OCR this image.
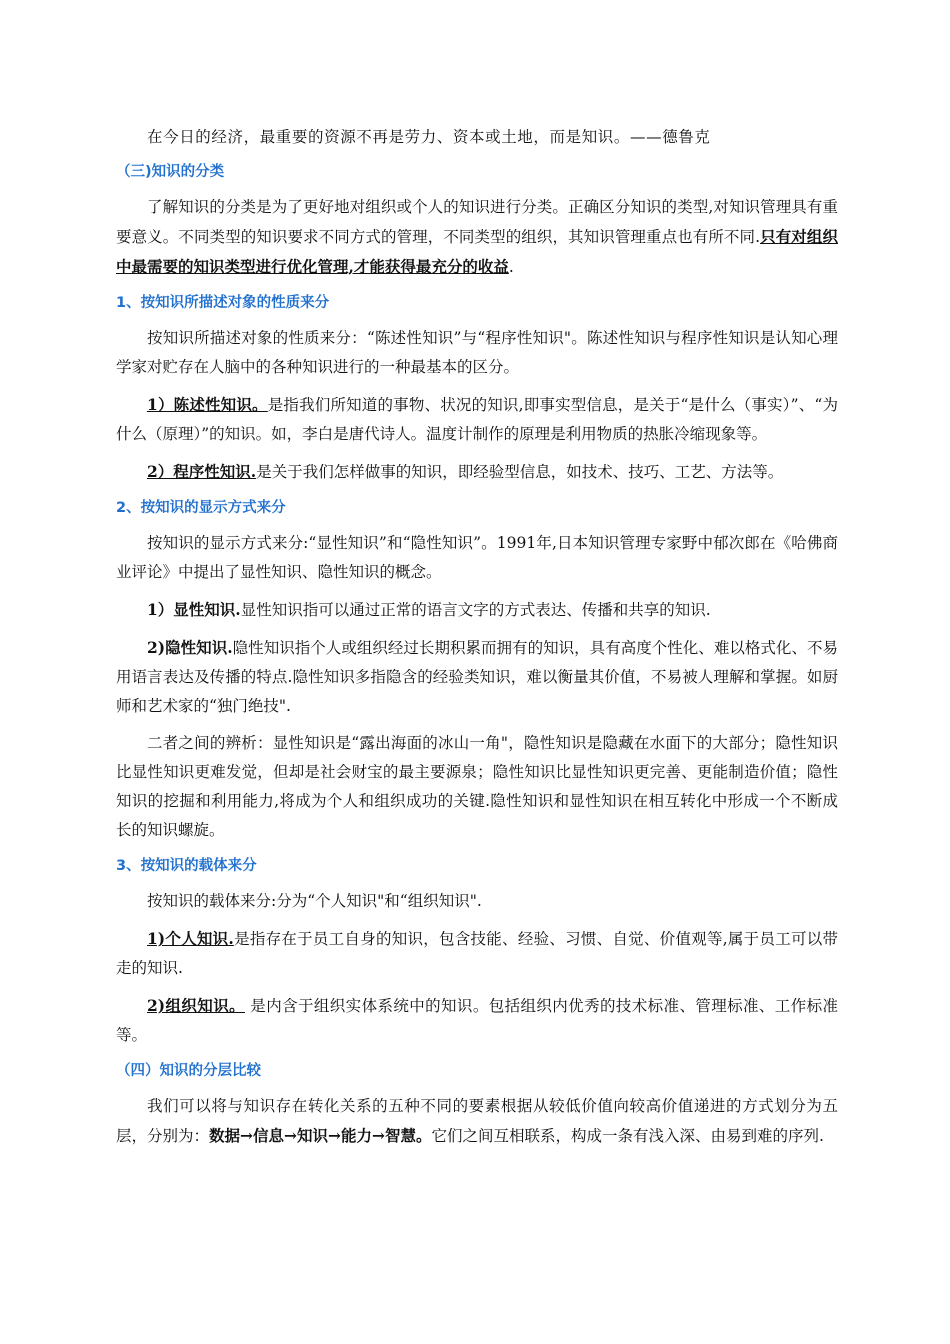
在今日的经济，最重要的资源不再是劳力、资本或土地，而是知识。——德鲁克

（三)知识的分类

了解知识的分类是为了更好地对组织或个人的知识进行分类。正确区分知识的类型,对知识管理具有重要意义。不同类型的知识要求不同方式的管理，不同类型的组织，其知识管理重点也有所不同.只有对组织中最需要的知识类型进行优化管理,才能获得最充分的收益.

1、按知识所描述对象的性质来分

按知识所描述对象的性质来分：“陈述性知识”与“程序性知识"。陈述性知识与程序性知识是认知心理学家对贮存在人脑中的各种知识进行的一种最基本的区分。

1）陈述性知识。是指我们所知道的事物、状况的知识,即事实型信息，是关于“是什么（事实）”、“为什么（原理）”的知识。如，李白是唐代诗人。温度计制作的原理是利用物质的热胀冷缩现象等。

2）程序性知识.是关于我们怎样做事的知识，即经验型信息，如技术、技巧、工艺、方法等。

2、按知识的显示方式来分

按知识的显示方式来分:“显性知识”和“隐性知识”。1991年,日本知识管理专家野中郁次郎在《哈佛商业评论》中提出了显性知识、隐性知识的概念。

1）显性知识.显性知识指可以通过正常的语言文字的方式表达、传播和共享的知识.

2)隐性知识.隐性知识指个人或组织经过长期积累而拥有的知识，具有高度个性化、难以格式化、不易用语言表达及传播的特点.隐性知识多指隐含的经验类知识，难以衡量其价值，不易被人理解和掌握。如厨师和艺术家的“独门绝技".

二者之间的辨析：显性知识是“露出海面的冰山一角"，隐性知识是隐藏在水面下的大部分；隐性知识比显性知识更难发觉，但却是社会财宝的最主要源泉；隐性知识比显性知识更完善、更能制造价值；隐性知识的挖掘和利用能力,将成为个人和组织成功的关键.隐性知识和显性知识在相互转化中形成一个不断成长的知识螺旋。

3、按知识的载体来分

按知识的载体来分:分为“个人知识"和“组织知识".

1)个人知识.是指存在于员工自身的知识，包含技能、经验、习惯、自觉、价值观等,属于员工可以带走的知识.

2)组织知识。 是内含于组织实体系统中的知识。包括组织内优秀的技术标准、管理标准、工作标准等。

（四）知识的分层比较

我们可以将与知识存在转化关系的五种不同的要素根据从较低价值向较高价值递进的方式划分为五层，分别为：数据→信息→知识→能力→智慧。它们之间互相联系，构成一条有浅入深、由易到难的序列.
